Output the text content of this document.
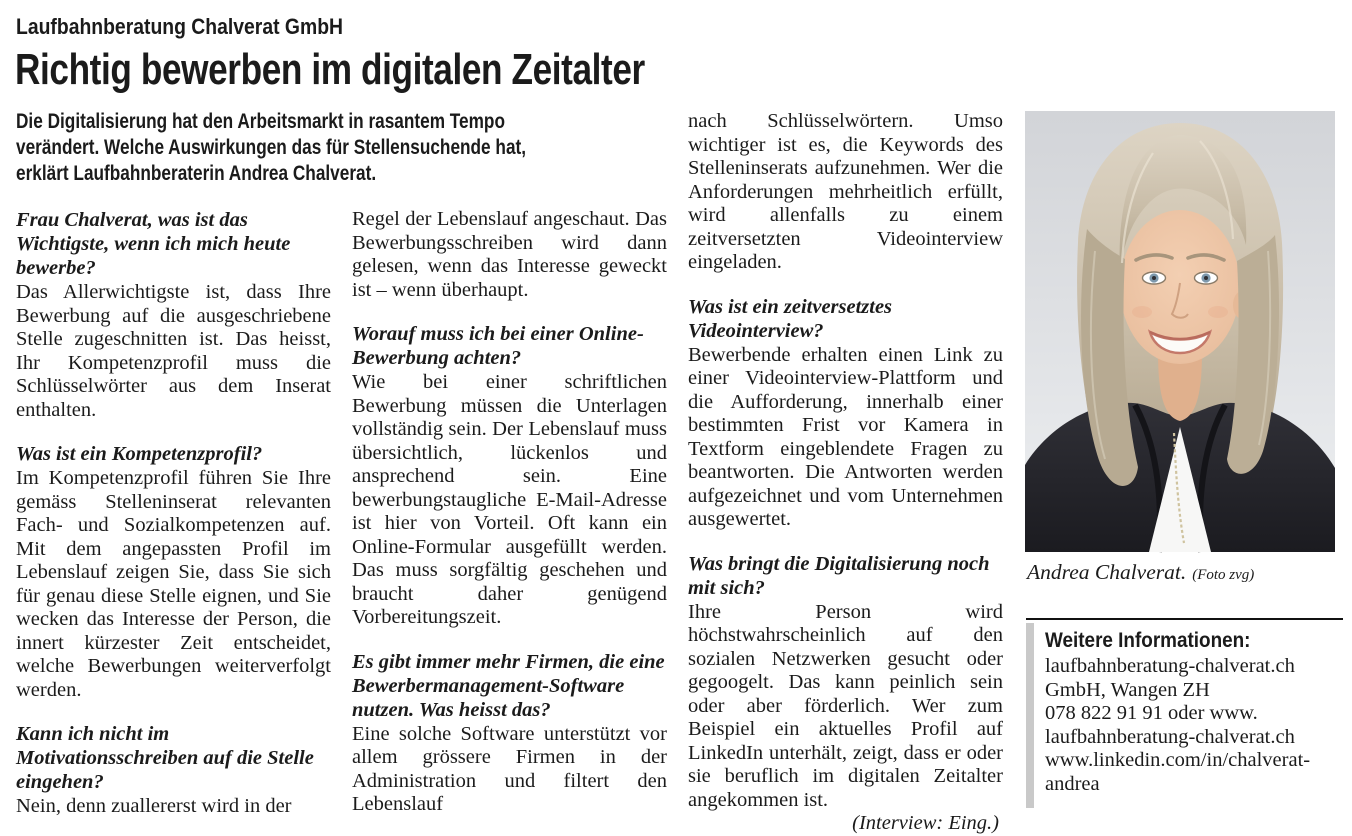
Laufbahnberatung Chalverat GmbH
Richtig bewerben im digitalen Zeitalter
Die Digitalisierung hat den Arbeitsmarkt in rasantem Tempo verändert. Welche Auswirkungen das für Stellensuchende hat, erklärt Laufbahnberaterin Andrea Chalverat.

Frau Chalverat, was ist das Wichtigste, wenn ich mich heute bewerbe?

Das Allerwichtigste ist, dass Ihre Bewerbung auf die ausgeschriebene Stelle zugeschnitten ist. Das heisst, Ihr Kompetenzprofil muss die Schlüsselwörter aus dem Inserat enthalten.

Was ist ein Kompetenzprofil?

Im Kompetenzprofil führen Sie Ihre gemäss Stelleninserat relevanten Fach- und Sozialkompetenzen auf. Mit dem angepassten Profil im Lebenslauf zeigen Sie, dass Sie sich für genau diese Stelle eignen, und Sie wecken das Interesse der Person, die innert kürzester Zeit entscheidet, welche Bewerbungen weiterverfolgt werden.

Kann ich nicht im Motivationsschreiben auf die Stelle eingehen?

Nein, denn zuallererst wird in der

Regel der Lebenslauf angeschaut. Das Bewerbungsschreiben wird dann gelesen, wenn das Interesse geweckt ist – wenn überhaupt.

Worauf muss ich bei einer Online-Bewerbung achten?

Wie bei einer schriftlichen Bewerbung müssen die Unterlagen vollständig sein. Der Lebenslauf muss übersichtlich, lückenlos und ansprechend sein. Eine bewerbungstaugliche E-Mail-Adresse ist hier von Vorteil. Oft kann ein Online-Formular ausgefüllt werden. Das muss sorgfältig geschehen und braucht daher genügend Vorbereitungszeit.

Es gibt immer mehr Firmen, die eine Bewerbermanagement-Software nutzen. Was heisst das?

Eine solche Software unterstützt vor allem grössere Firmen in der Administration und filtert den Lebenslauf

nach Schlüsselwörtern. Umso wichtiger ist es, die Keywords des Stelleninserats aufzunehmen. Wer die Anforderungen mehrheitlich erfüllt, wird allenfalls zu einem zeitversetzten Videointerview eingeladen.

Was ist ein zeitversetztes Videointerview?

Bewerbende erhalten einen Link zu einer Videointerview-Plattform und die Aufforderung, innerhalb einer bestimmten Frist vor Kamera in Textform eingeblendete Fragen zu beantworten. Die Antworten werden aufgezeichnet und vom Unternehmen ausgewertet.

Was bringt die Digitalisierung noch mit sich?

Ihre Person wird höchstwahrscheinlich auf den sozialen Netzwerken gesucht oder gegoogelt. Das kann peinlich sein oder aber förderlich. Wer zum Beispiel ein aktuelles Profil auf LinkedIn unterhält, zeigt, dass er oder sie beruflich im digitalen Zeitalter angekommen ist.

(Interview: Eing.)

Andrea Chalverat. (Foto zvg)
Weitere Informationen:
laufbahnberatung-chalverat.ch
GmbH, Wangen ZH
078 822 91 91 oder www.
laufbahnberatung-chalverat.ch
www.linkedin.com/in/chalverat-andrea
